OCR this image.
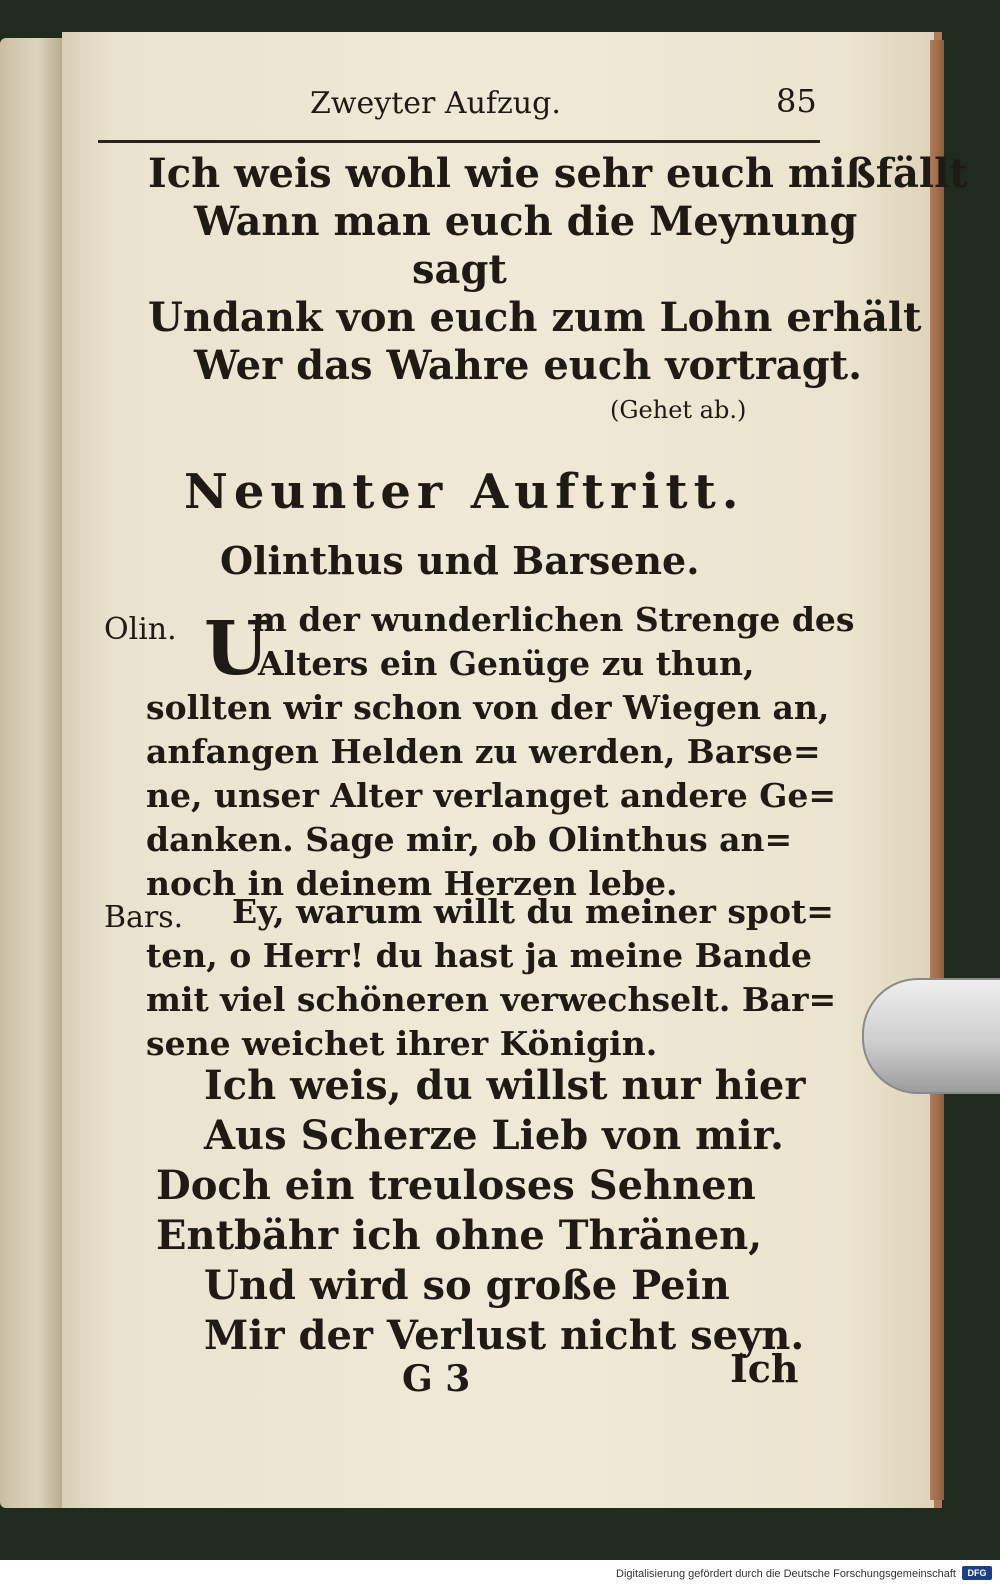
Zweyter Aufzug.	85
Ich weis wohl wie sehr euch mißfällt
Wann man euch die Meynung
sagt
Undank von euch zum Lohn erhält
Wer das Wahre euch vortragt.
(Gehet ab.)
Neunter Auftritt.
Olinthus und Barsene.
Olin. U
m der wunderlichen Strenge des
Alters ein Genüge zu thun,
sollten wir schon von der Wiegen an,
anfangen Helden zu werden, Barse=
ne, unser Alter verlanget andere Ge=
danken. Sage mir, ob Olinthus an=
noch in deinem Herzen lebe.
Bars. Ey, warum willt du meiner spot=
ten, o Herr! du hast ja meine Bande
mit viel schöneren verwechselt. Bar=
sene weichet ihrer Königin.
Ich weis, du willst nur hier
Aus Scherze Lieb von mir.
Doch ein treuloses Sehnen
Entbähr ich ohne Thränen,
Und wird so große Pein
Mir der Verlust nicht seyn.
G 3	Ich
Digitalisierung gefördert durch die Deutsche Forschungsgemeinschaft	DFG
